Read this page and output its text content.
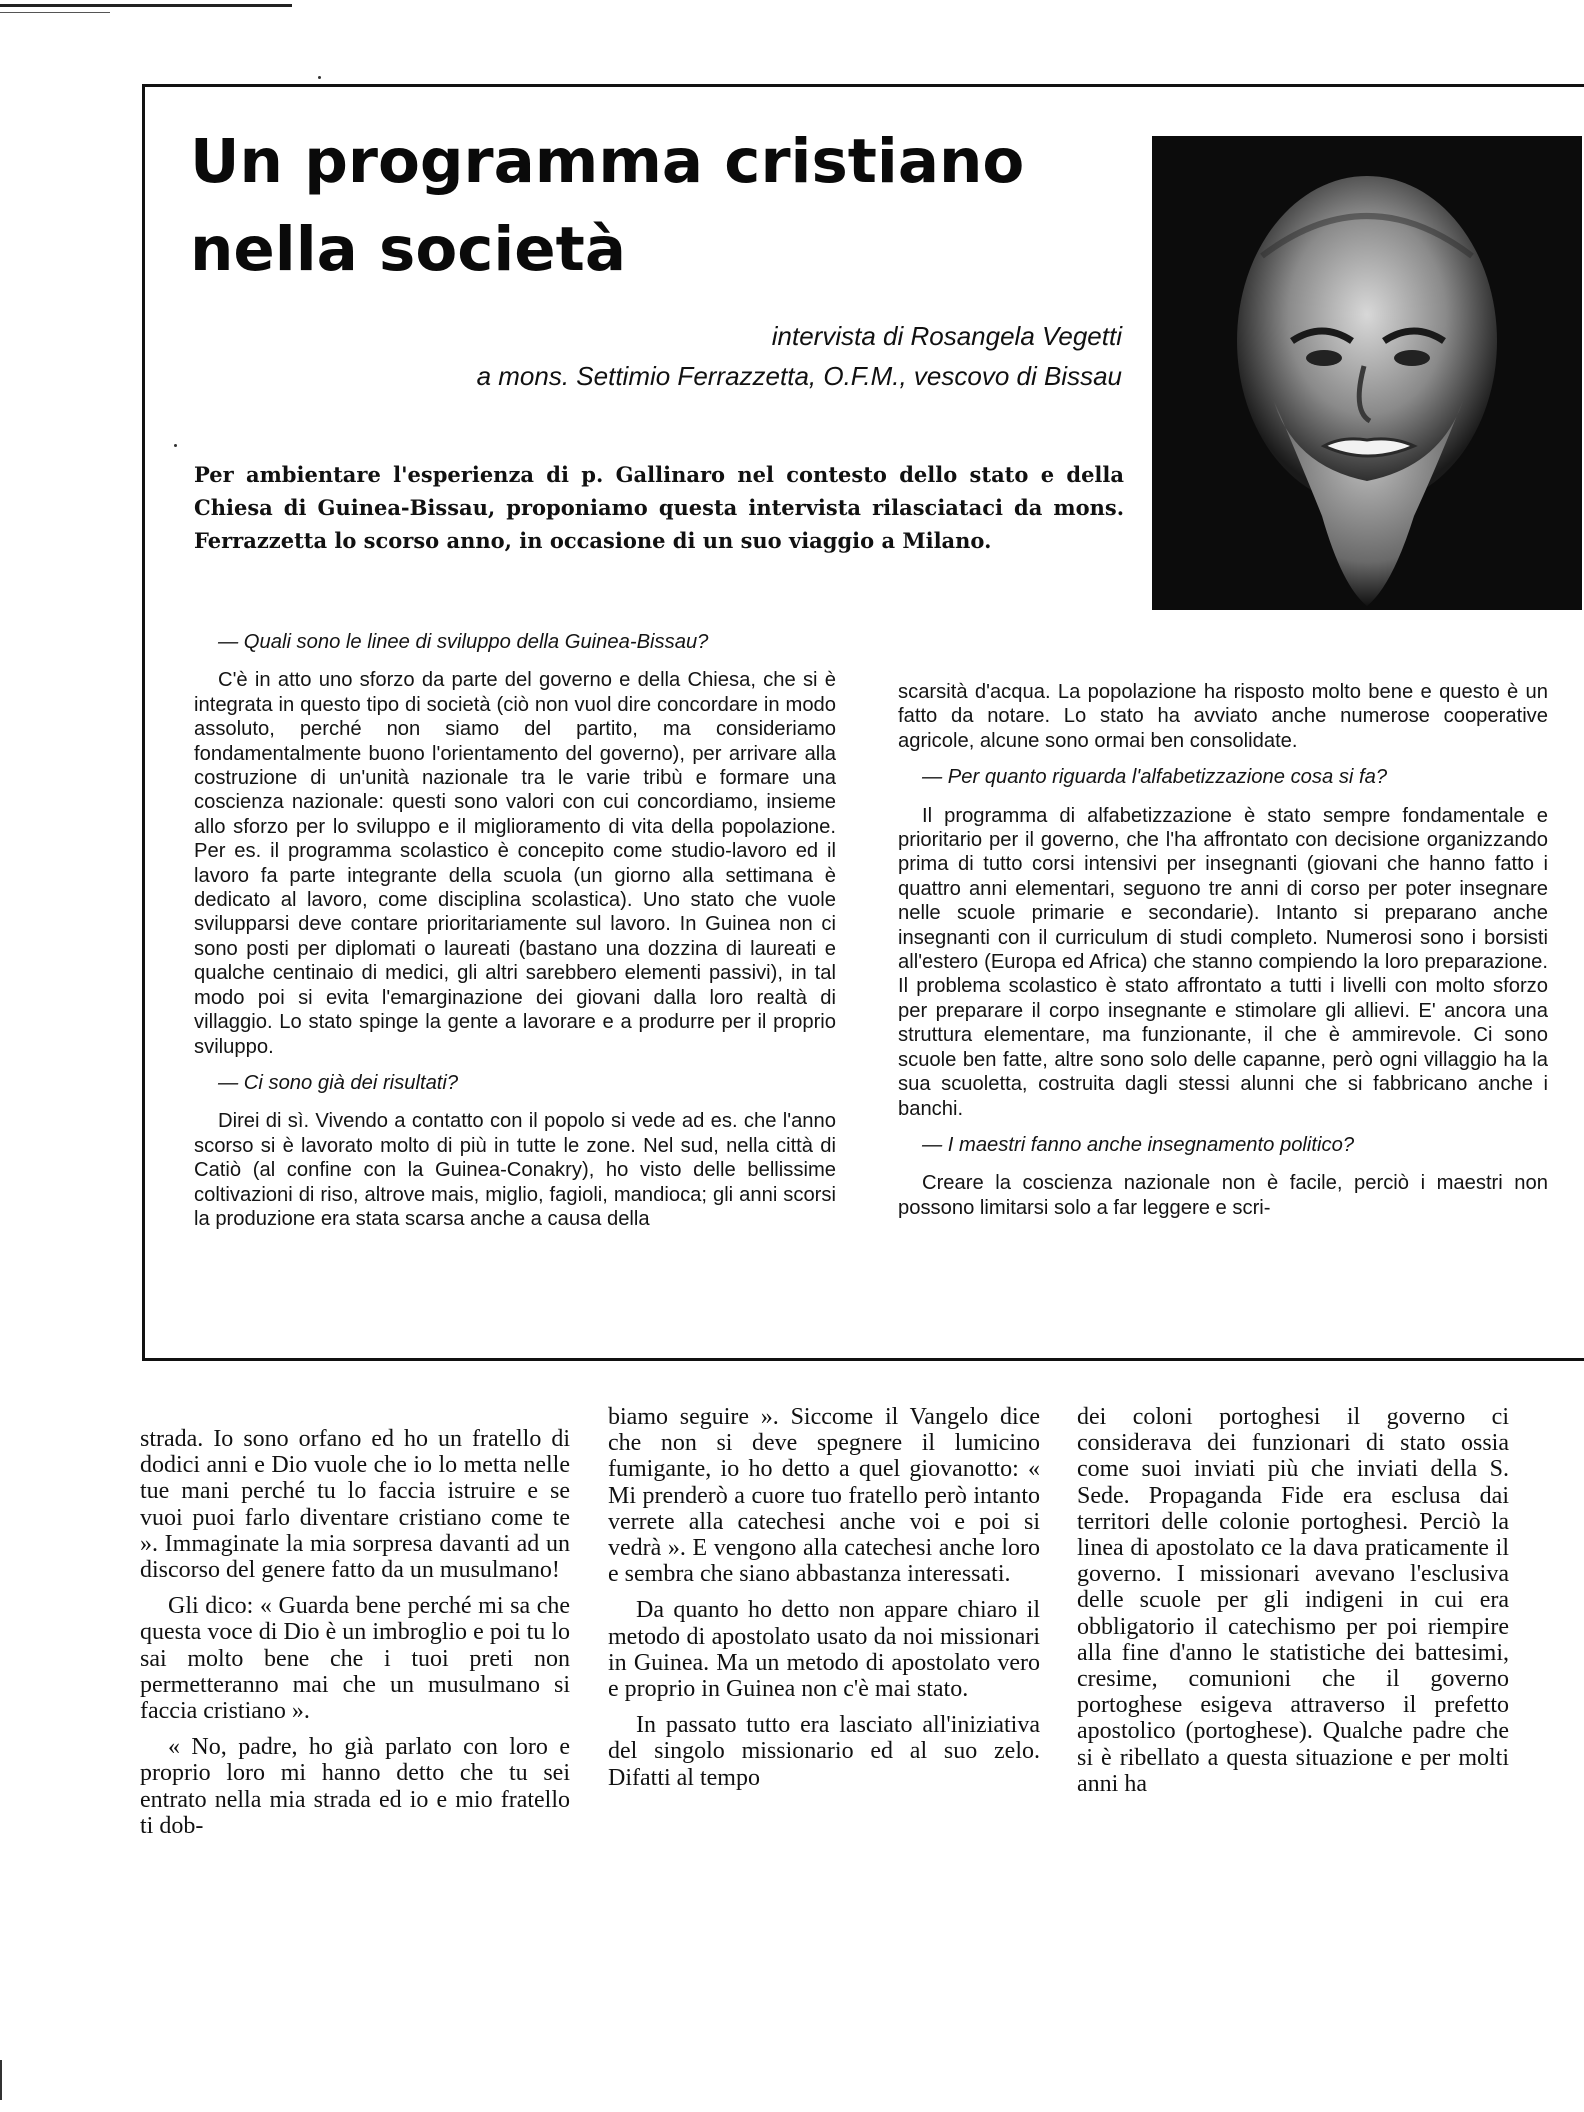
Un programma cristiano
nella società
intervista di Rosangela Vegetti
a mons. Settimio Ferrazzetta, O.F.M., vescovo di Bissau

Per ambientare l'esperienza di p. Gallinaro nel contesto dello stato e della Chiesa di Guinea-Bissau, proponiamo questa intervista rilasciataci da mons. Ferrazzetta lo scorso anno, in occasione di un suo viaggio a Milano.

— Quali sono le linee di sviluppo della Guinea-Bissau?

C'è in atto uno sforzo da parte del governo e della Chiesa, che si è integrata in questo tipo di società (ciò non vuol dire concordare in modo assoluto, perché non siamo del partito, ma consideriamo fondamentalmente buono l'orientamento del governo), per arrivare alla costruzione di un'unità nazionale tra le varie tribù e formare una coscienza nazionale: questi sono valori con cui concordiamo, insieme allo sforzo per lo sviluppo e il miglioramento di vita della popolazione. Per es. il programma scolastico è concepito come studio-lavoro ed il lavoro fa parte integrante della scuola (un giorno alla settimana è dedicato al lavoro, come disciplina scolastica). Uno stato che vuole svilupparsi deve contare prioritariamente sul lavoro. In Guinea non ci sono posti per diplomati o laureati (bastano una dozzina di laureati e qualche centinaio di medici, gli altri sarebbero elementi passivi), in tal modo poi si evita l'emarginazione dei giovani dalla loro realtà di villaggio. Lo stato spinge la gente a lavorare e a produrre per il proprio sviluppo.

— Ci sono già dei risultati?

Direi di sì. Vivendo a contatto con il popolo si vede ad es. che l'anno scorso si è lavorato molto di più in tutte le zone. Nel sud, nella città di Catiò (al confine con la Guinea-Conakry), ho visto delle bellissime coltivazioni di riso, altrove mais, miglio, fagioli, mandioca; gli anni scorsi la produzione era stata scarsa anche a causa della

scarsità d'acqua. La popolazione ha risposto molto bene e questo è un fatto da notare. Lo stato ha avviato anche numerose cooperative agricole, alcune sono ormai ben consolidate.

— Per quanto riguarda l'alfabetizzazione cosa si fa?

Il programma di alfabetizzazione è stato sempre fondamentale e prioritario per il governo, che l'ha affrontato con decisione organizzando prima di tutto corsi intensivi per insegnanti (giovani che hanno fatto i quattro anni elementari, seguono tre anni di corso per poter insegnare nelle scuole primarie e secondarie). Intanto si preparano anche insegnanti con il curriculum di studi completo. Numerosi sono i borsisti all'estero (Europa ed Africa) che stanno compiendo la loro preparazione. Il problema scolastico è stato affrontato a tutti i livelli con molto sforzo per preparare il corpo insegnante e stimolare gli allievi. E' ancora una struttura elementare, ma funzionante, il che è ammirevole. Ci sono scuole ben fatte, altre sono solo delle capanne, però ogni villaggio ha la sua scuoletta, costruita dagli stessi alunni che si fabbricano anche i banchi.

— I maestri fanno anche insegnamento politico?

Creare la coscienza nazionale non è facile, perciò i maestri non possono limitarsi solo a far leggere e scri-

strada. Io sono orfano ed ho un fratello di dodici anni e Dio vuole che io lo metta nelle tue mani perché tu lo faccia istruire e se vuoi puoi farlo diventare cristiano come te ». Immaginate la mia sorpresa davanti ad un discorso del genere fatto da un musulmano!

Gli dico: « Guarda bene perché mi sa che questa voce di Dio è un imbroglio e poi tu lo sai molto bene che i tuoi preti non permetteranno mai che un musulmano si faccia cristiano ».

« No, padre, ho già parlato con loro e proprio loro mi hanno detto che tu sei entrato nella mia strada ed io e mio fratello ti dob-

biamo seguire ». Siccome il Vangelo dice che non si deve spegnere il lumicino fumigante, io ho detto a quel giovanotto: « Mi prenderò a cuore tuo fratello però intanto verrete alla catechesi anche voi e poi si vedrà ». E vengono alla catechesi anche loro e sembra che siano abbastanza interessati.

Da quanto ho detto non appare chiaro il metodo di apostolato usato da noi missionari in Guinea. Ma un metodo di apostolato vero e proprio in Guinea non c'è mai stato.

In passato tutto era lasciato all'iniziativa del singolo missionario ed al suo zelo. Difatti al tempo

dei coloni portoghesi il governo ci considerava dei funzionari di stato ossia come suoi inviati più che inviati della S. Sede. Propaganda Fide era esclusa dai territori delle colonie portoghesi. Perciò la linea di apostolato ce la dava praticamente il governo. I missionari avevano l'esclusiva delle scuole per gli indigeni in cui era obbligatorio il catechismo per poi riempire alla fine d'anno le statistiche dei battesimi, cresime, comunioni che il governo portoghese esigeva attraverso il prefetto apostolico (portoghese). Qualche padre che si è ribellato a questa situazione e per molti anni ha
